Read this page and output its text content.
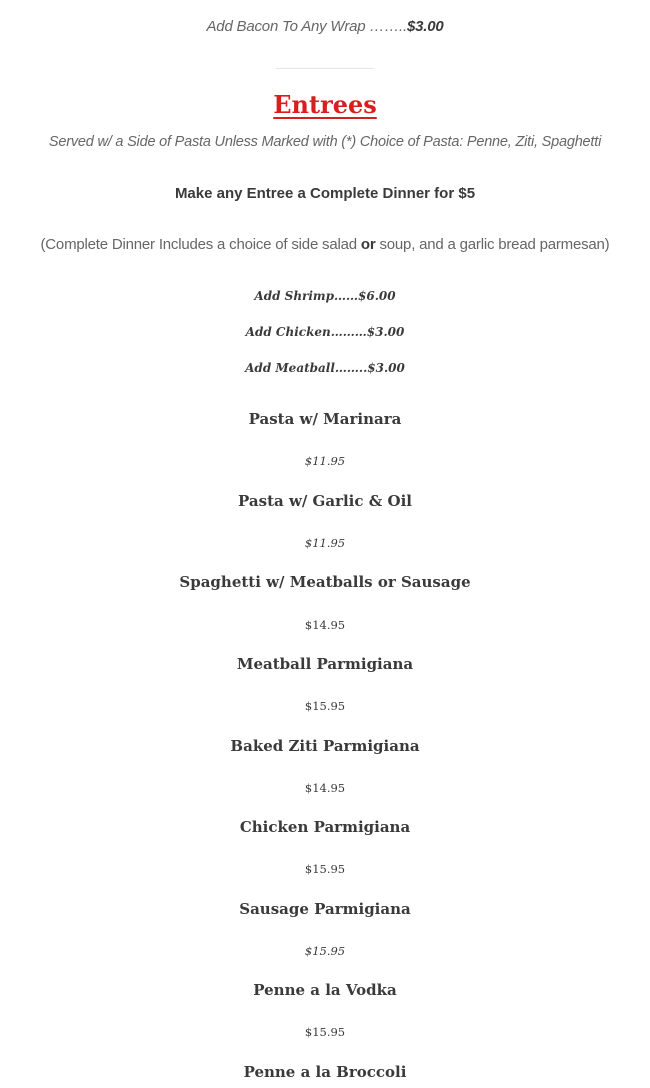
Add Bacon To Any Wrap ……..$3.00
Entrees
Served w/ a Side of Pasta Unless Marked with (*) Choice of Pasta: Penne, Ziti, Spaghetti
Make any Entree a Complete Dinner for $5
(Complete Dinner Includes a choice of side salad or soup, and a garlic bread parmesan)
Add Shrimp……$6.00
Add Chicken………$3.00
Add Meatball……..$3.00
Pasta w/ Marinara
$11.95
Pasta w/ Garlic & Oil
$11.95
Spaghetti w/ Meatballs or Sausage
$14.95
Meatball Parmigiana
$15.95
Baked Ziti Parmigiana
$14.95
Chicken Parmigiana
$15.95
Sausage Parmigiana
$15.95
Penne a la Vodka
$15.95
Penne a la Broccoli
